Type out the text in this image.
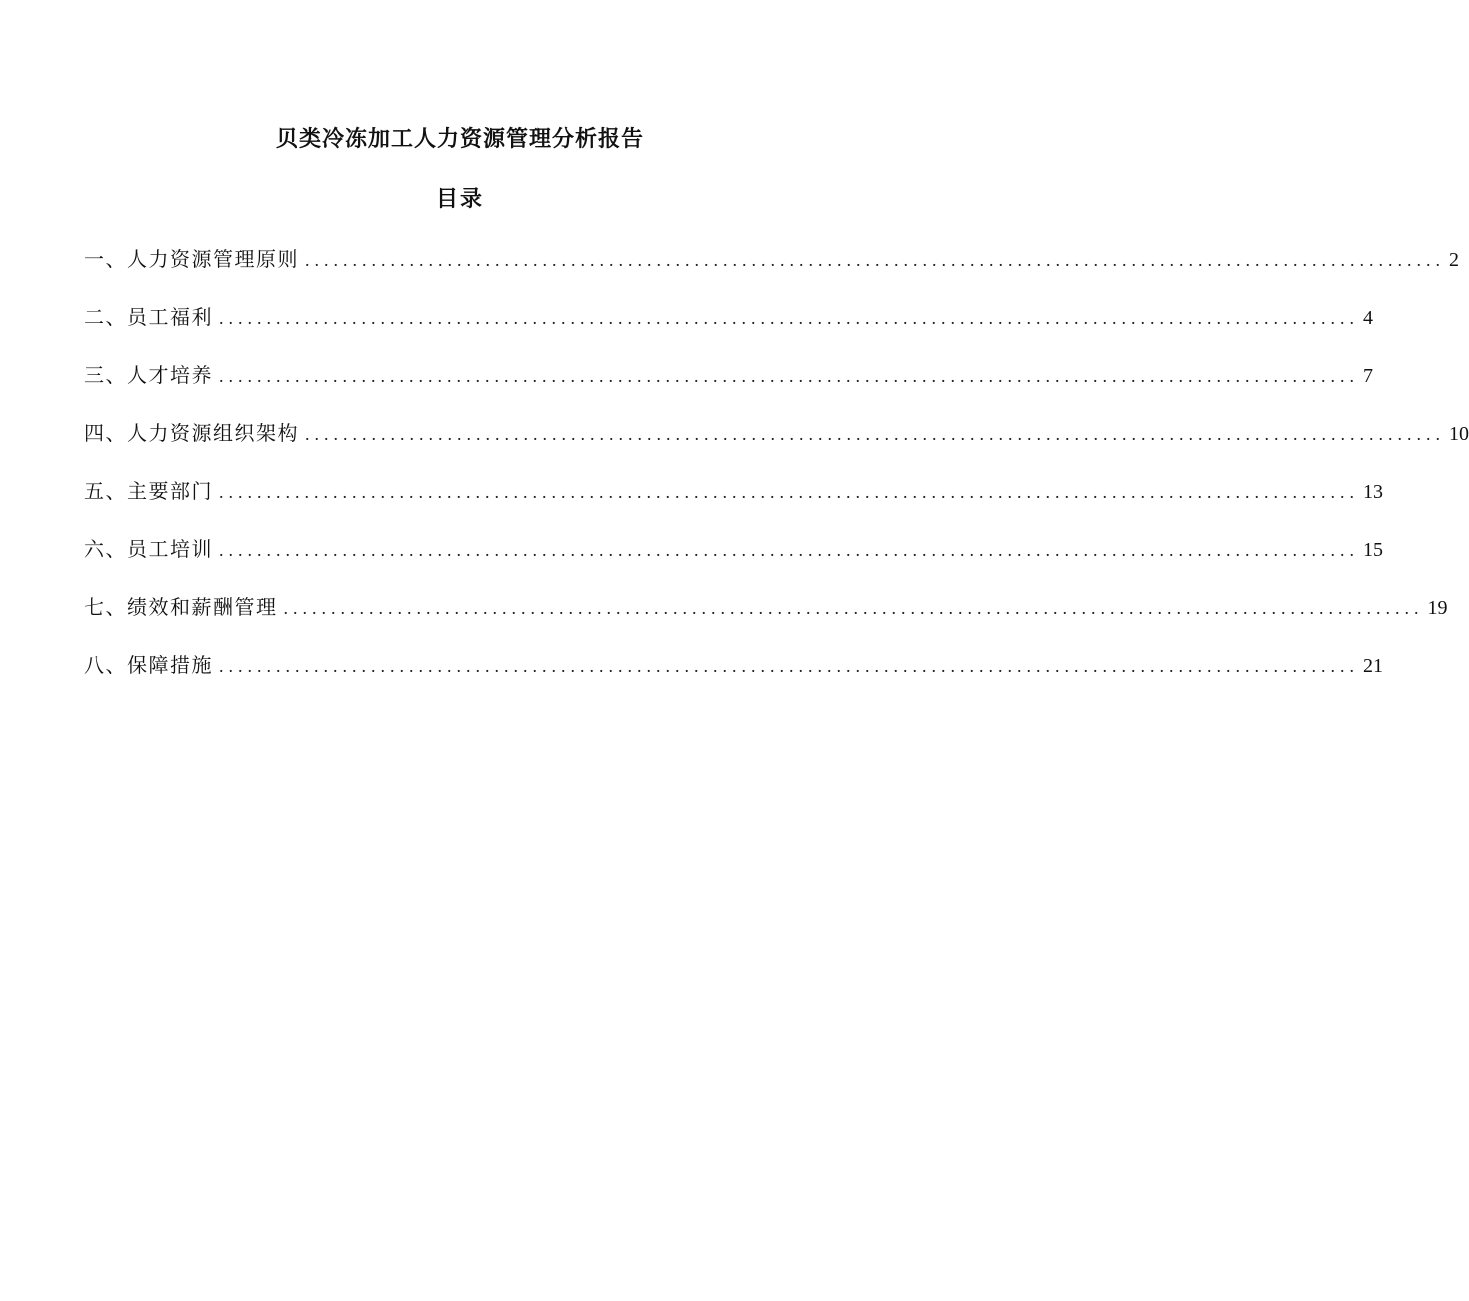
贝类冷冻加工人力资源管理分析报告
目录
一、人力资源管理原则 ........................................................................................................................ 2
二、员工福利 ........................................................................................................................ 4
三、人才培养 ........................................................................................................................ 7
四、人力资源组织架构 ........................................................................................................................ 10
五、主要部门 ........................................................................................................................ 13
六、员工培训 ........................................................................................................................ 15
七、绩效和薪酬管理 ........................................................................................................................ 19
八、保障措施 ........................................................................................................................ 21
